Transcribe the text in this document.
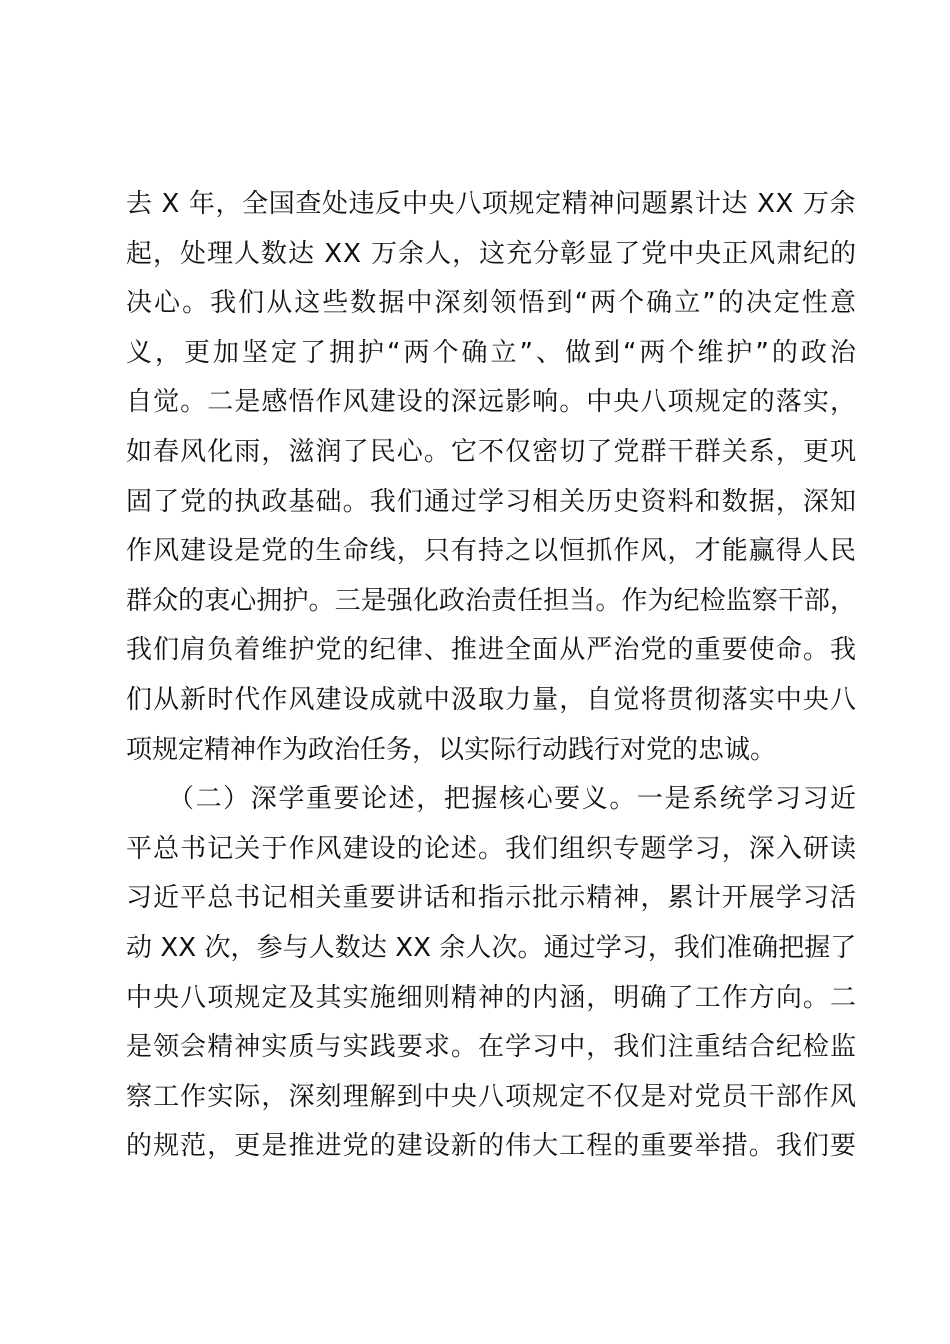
去 X 年，全国查处违反中央八项规定精神问题累计达 XX 万余
起，处理人数达 XX 万余人，这充分彰显了党中央正风肃纪的
决心。我们从这些数据中深刻领悟到“两个确立”的决定性意
义，更加坚定了拥护“两个确立”、做到“两个维护”的政治
自觉。二是感悟作风建设的深远影响。中央八项规定的落实，
如春风化雨，滋润了民心。它不仅密切了党群干群关系，更巩
固了党的执政基础。我们通过学习相关历史资料和数据，深知
作风建设是党的生命线，只有持之以恒抓作风，才能赢得人民
群众的衷心拥护。三是强化政治责任担当。作为纪检监察干部，
我们肩负着维护党的纪律、推进全面从严治党的重要使命。我
们从新时代作风建设成就中汲取力量，自觉将贯彻落实中央八
项规定精神作为政治任务，以实际行动践行对党的忠诚。
（二）深学重要论述，把握核心要义。一是系统学习习近
平总书记关于作风建设的论述。我们组织专题学习，深入研读
习近平总书记相关重要讲话和指示批示精神，累计开展学习活
动 XX 次，参与人数达 XX 余人次。通过学习，我们准确把握了
中央八项规定及其实施细则精神的内涵，明确了工作方向。二
是领会精神实质与实践要求。在学习中，我们注重结合纪检监
察工作实际，深刻理解到中央八项规定不仅是对党员干部作风
的规范，更是推进党的建设新的伟大工程的重要举措。我们要
